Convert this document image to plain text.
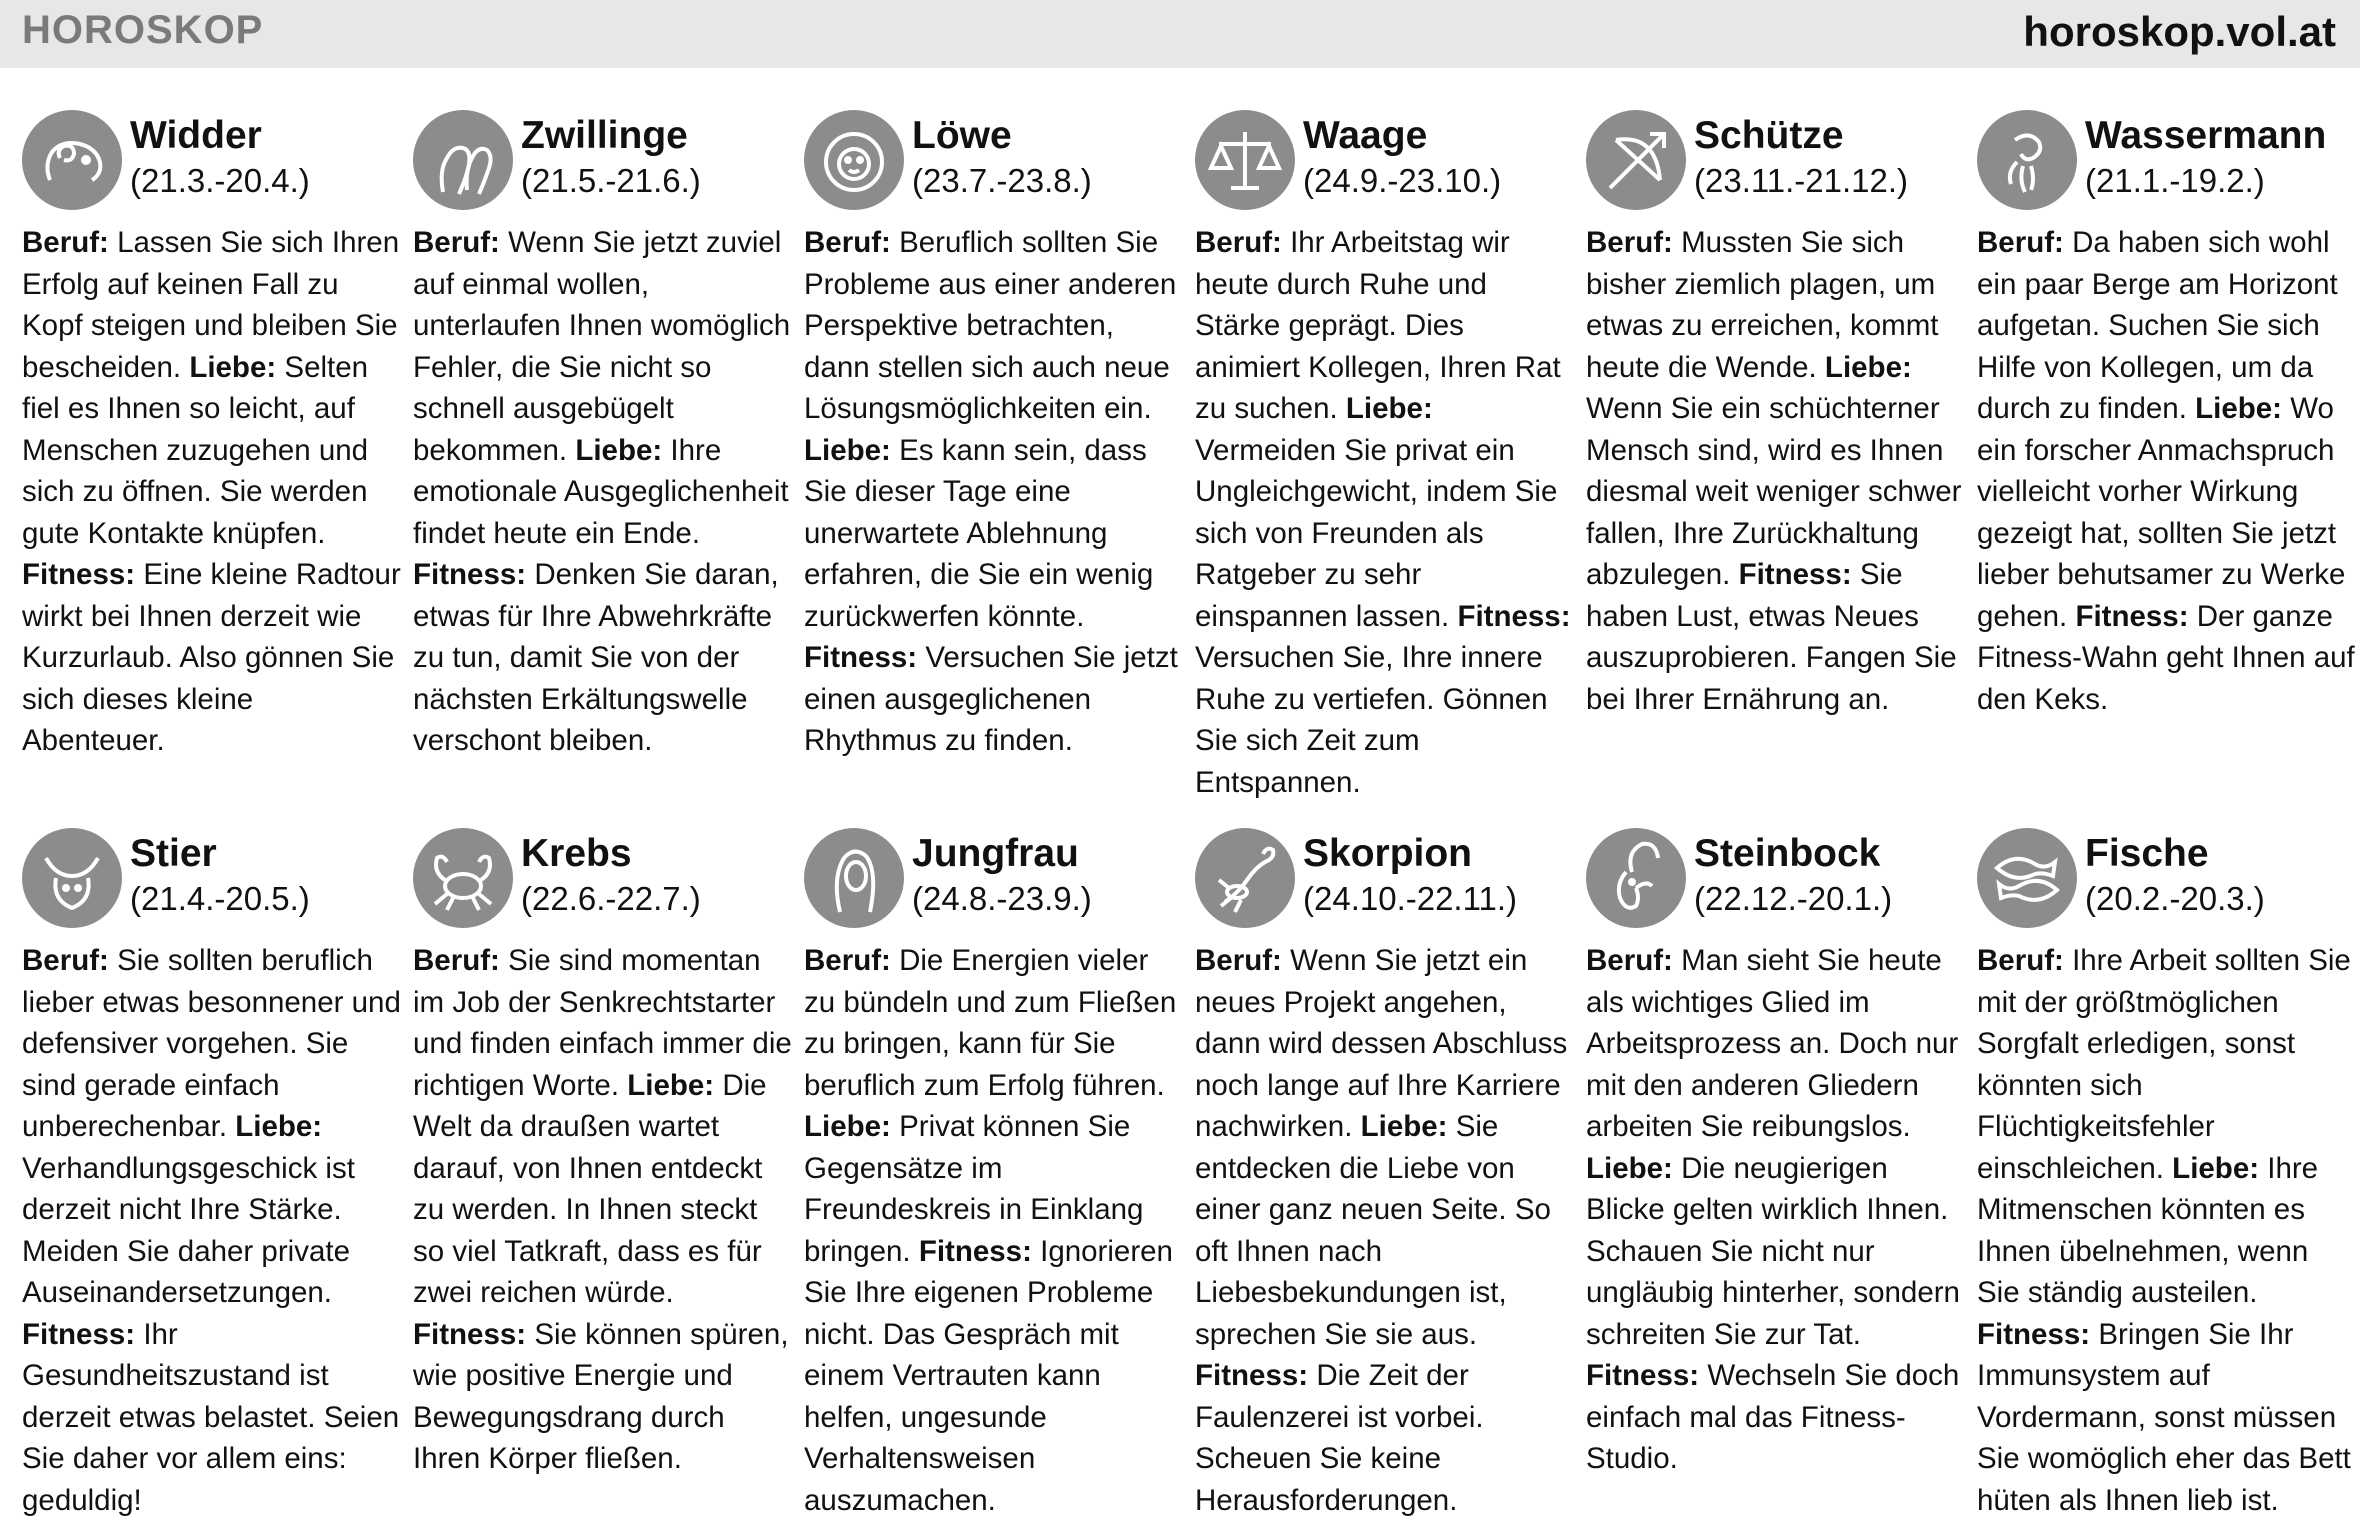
HOROSKOP	horoskop.vol.at
Widder
(21.3.-20.4.)
Beruf: Lassen Sie sich Ihren Erfolg auf keinen Fall zu Kopf steigen und bleiben Sie bescheiden. Liebe: Selten fiel es Ihnen so leicht, auf Menschen zuzugehen und sich zu öffnen. Sie werden gute Kontakte knüpfen. Fitness: Eine kleine Radtour wirkt bei Ihnen derzeit wie Kurzurlaub. Also gönnen Sie sich dieses kleine Abenteuer.
Zwillinge
(21.5.-21.6.)
Beruf: Wenn Sie jetzt zuviel auf einmal wollen, unterlaufen Ihnen womöglich Fehler, die Sie nicht so schnell ausgebügelt bekommen. Liebe: Ihre emotionale Ausgeglichenheit findet heute ein Ende. Fitness: Denken Sie daran, etwas für Ihre Abwehrkräfte zu tun, damit Sie von der nächsten Erkältungswelle verschont bleiben.
Löwe
(23.7.-23.8.)
Beruf: Beruflich sollten Sie Probleme aus einer anderen Perspektive betrachten, dann stellen sich auch neue Lösungsmöglichkeiten ein. Liebe: Es kann sein, dass Sie dieser Tage eine unerwartete Ablehnung erfahren, die Sie ein wenig zurückwerfen könnte. Fitness: Versuchen Sie jetzt einen ausgeglichenen Rhythmus zu finden.
Waage
(24.9.-23.10.)
Beruf: Ihr Arbeitstag wir heute durch Ruhe und Stärke geprägt. Dies animiert Kollegen, Ihren Rat zu suchen. Liebe: Vermeiden Sie privat ein Ungleichgewicht, indem Sie sich von Freunden als Ratgeber zu sehr einspannen lassen. Fitness: Versuchen Sie, Ihre innere Ruhe zu vertiefen. Gönnen Sie sich Zeit zum Entspannen.
Schütze
(23.11.-21.12.)
Beruf: Mussten Sie sich bisher ziemlich plagen, um etwas zu erreichen, kommt heute die Wende. Liebe: Wenn Sie ein schüchterner Mensch sind, wird es Ihnen diesmal weit weniger schwer fallen, Ihre Zurückhaltung abzulegen. Fitness: Sie haben Lust, etwas Neues auszuprobieren. Fangen Sie bei Ihrer Ernährung an.
Wassermann
(21.1.-19.2.)
Beruf: Da haben sich wohl ein paar Berge am Horizont aufgetan. Suchen Sie sich Hilfe von Kollegen, um da durch zu finden. Liebe: Wo ein forscher Anmachspruch vielleicht vorher Wirkung gezeigt hat, sollten Sie jetzt lieber behutsamer zu Werke gehen. Fitness: Der ganze Fitness-Wahn geht Ihnen auf den Keks.
Stier
(21.4.-20.5.)
Beruf: Sie sollten beruflich lieber etwas besonnener und defensiver vorgehen. Sie sind gerade einfach unberechenbar. Liebe: Verhandlungsgeschick ist derzeit nicht Ihre Stärke. Meiden Sie daher private Auseinandersetzungen. Fitness: Ihr Gesundheitszustand ist derzeit etwas belastet. Seien Sie daher vor allem eins: geduldig!
Krebs
(22.6.-22.7.)
Beruf: Sie sind momentan im Job der Senkrechtstarter und finden einfach immer die richtigen Worte. Liebe: Die Welt da draußen wartet darauf, von Ihnen entdeckt zu werden. In Ihnen steckt so viel Tatkraft, dass es für zwei reichen würde. Fitness: Sie können spüren, wie positive Energie und Bewegungsdrang durch Ihren Körper fließen.
Jungfrau
(24.8.-23.9.)
Beruf: Die Energien vieler zu bündeln und zum Fließen zu bringen, kann für Sie beruflich zum Erfolg führen. Liebe: Privat können Sie Gegensätze im Freundeskreis in Einklang bringen. Fitness: Ignorieren Sie Ihre eigenen Probleme nicht. Das Gespräch mit einem Vertrauten kann helfen, ungesunde Verhaltensweisen auszumachen.
Skorpion
(24.10.-22.11.)
Beruf: Wenn Sie jetzt ein neues Projekt angehen, dann wird dessen Abschluss noch lange auf Ihre Karriere nachwirken. Liebe: Sie entdecken die Liebe von einer ganz neuen Seite. So oft Ihnen nach Liebesbekundungen ist, sprechen Sie sie aus. Fitness: Die Zeit der Faulenzerei ist vorbei. Scheuen Sie keine Herausforderungen.
Steinbock
(22.12.-20.1.)
Beruf: Man sieht Sie heute als wichtiges Glied im Arbeitsprozess an. Doch nur mit den anderen Gliedern arbeiten Sie reibungslos. Liebe: Die neugierigen Blicke gelten wirklich Ihnen. Schauen Sie nicht nur ungläubig hinterher, sondern schreiten Sie zur Tat. Fitness: Wechseln Sie doch einfach mal das Fitness-Studio.
Fische
(20.2.-20.3.)
Beruf: Ihre Arbeit sollten Sie mit der größtmöglichen Sorgfalt erledigen, sonst könnten sich Flüchtigkeitsfehler einschleichen. Liebe: Ihre Mitmenschen könnten es Ihnen übelnehmen, wenn Sie ständig austeilen. Fitness: Bringen Sie Ihr Immunsystem auf Vordermann, sonst müssen Sie womöglich eher das Bett hüten als Ihnen lieb ist.
